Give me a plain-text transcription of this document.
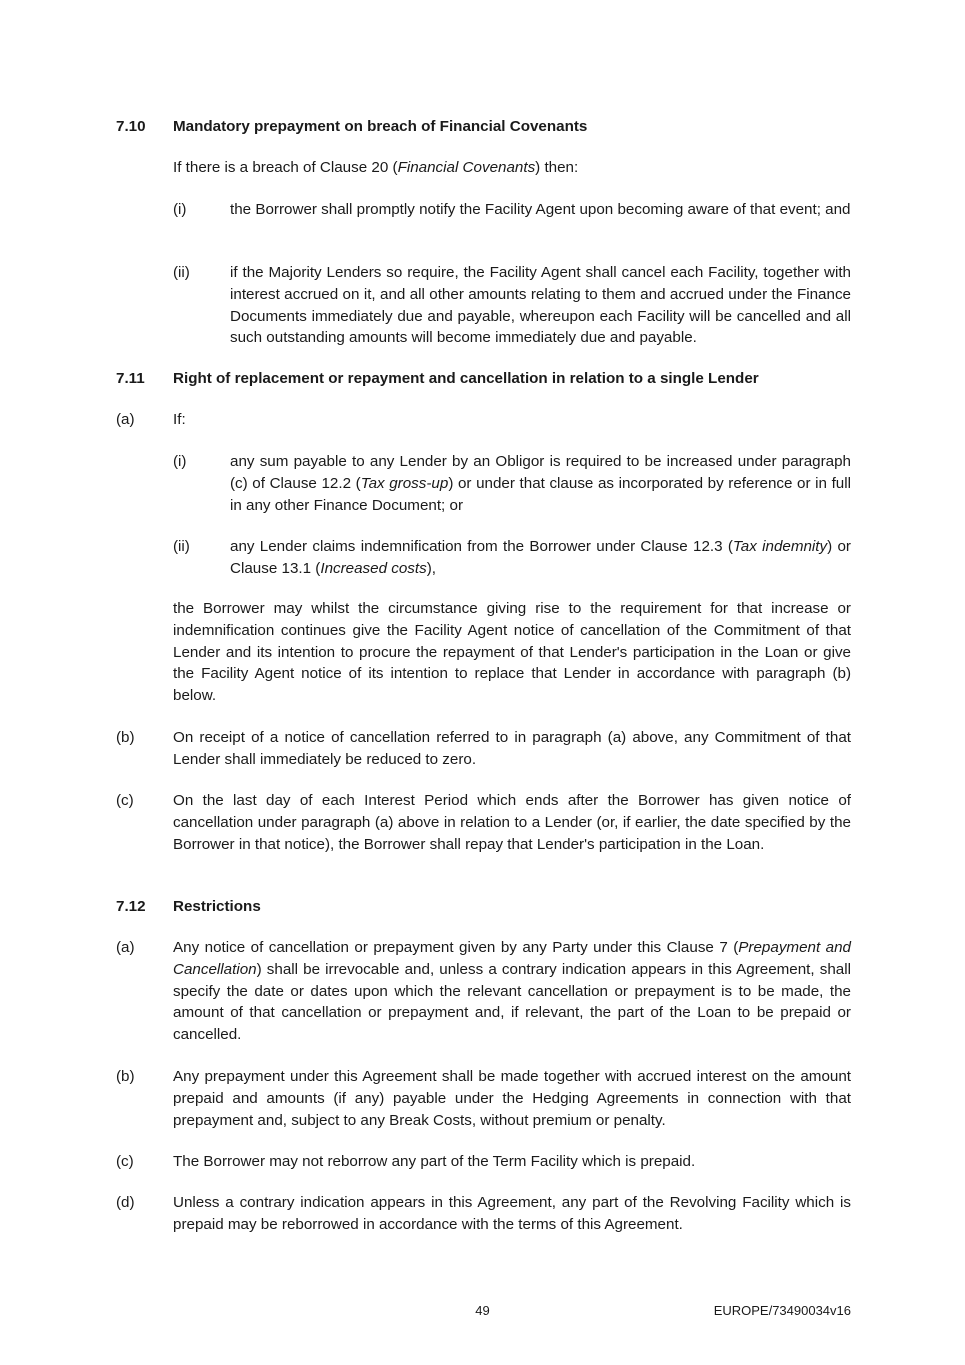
7.10 Mandatory prepayment on breach of Financial Covenants
If there is a breach of Clause 20 (Financial Covenants) then:
(i)	the Borrower shall promptly notify the Facility Agent upon becoming aware of that event; and
(ii)	if the Majority Lenders so require, the Facility Agent shall cancel each Facility, together with interest accrued on it, and all other amounts relating to them and accrued under the Finance Documents immediately due and payable, whereupon each Facility will be cancelled and all such outstanding amounts will become immediately due and payable.
7.11 Right of replacement or repayment and cancellation in relation to a single Lender
(a)	If:
(i)	any sum payable to any Lender by an Obligor is required to be increased under paragraph (c) of Clause 12.2 (Tax gross-up) or under that clause as incorporated by reference or in full in any other Finance Document; or
(ii)	any Lender claims indemnification from the Borrower under Clause 12.3 (Tax indemnity) or Clause 13.1 (Increased costs),
the Borrower may whilst the circumstance giving rise to the requirement for that increase or indemnification continues give the Facility Agent notice of cancellation of the Commitment of that Lender and its intention to procure the repayment of that Lender's participation in the Loan or give the Facility Agent notice of its intention to replace that Lender in accordance with paragraph (b) below.
(b)	On receipt of a notice of cancellation referred to in paragraph (a) above, any Commitment of that Lender shall immediately be reduced to zero.
(c)	On the last day of each Interest Period which ends after the Borrower has given notice of cancellation under paragraph (a) above in relation to a Lender (or, if earlier, the date specified by the Borrower in that notice), the Borrower shall repay that Lender's participation in the Loan.
7.12 Restrictions
(a)	Any notice of cancellation or prepayment given by any Party under this Clause 7 (Prepayment and Cancellation) shall be irrevocable and, unless a contrary indication appears in this Agreement, shall specify the date or dates upon which the relevant cancellation or prepayment is to be made, the amount of that cancellation or prepayment and, if relevant, the part of the Loan to be prepaid or cancelled.
(b)	Any prepayment under this Agreement shall be made together with accrued interest on the amount prepaid and amounts (if any) payable under the Hedging Agreements in connection with that prepayment and, subject to any Break Costs, without premium or penalty.
(c)	The Borrower may not reborrow any part of the Term Facility which is prepaid.
(d)	Unless a contrary indication appears in this Agreement, any part of the Revolving Facility which is prepaid may be reborrowed in accordance with the terms of this Agreement.
49	EUROPE/73490034v16
